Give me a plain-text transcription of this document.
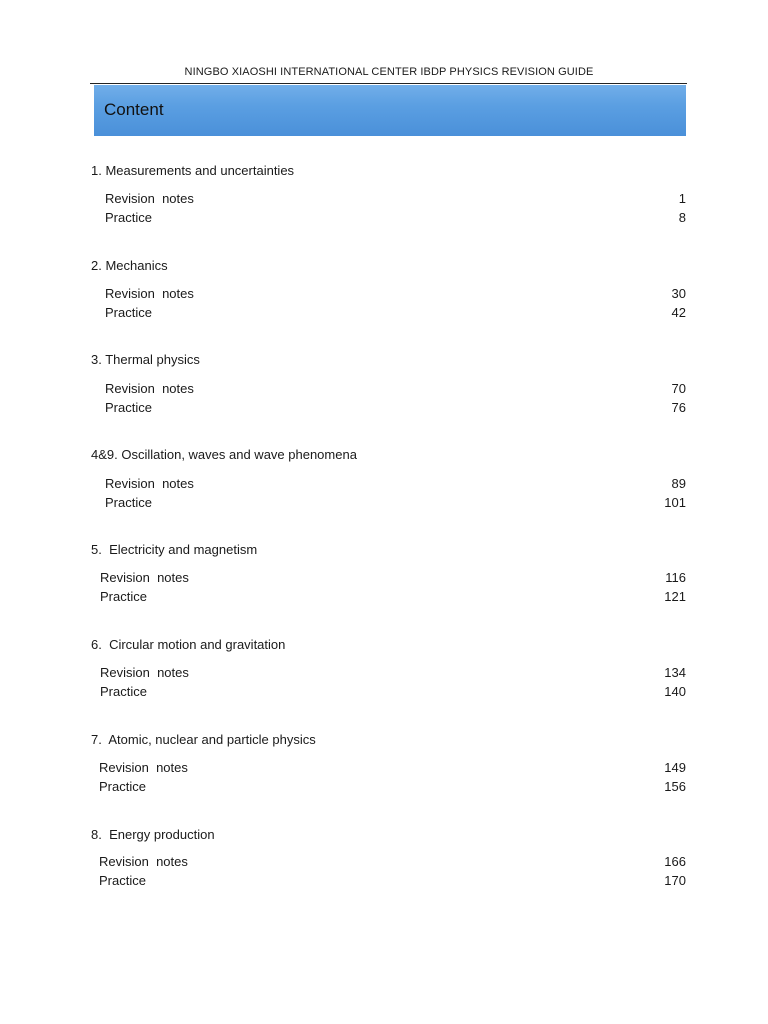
NINGBO XIAOSHI INTERNATIONAL CENTER IBDP PHYSICS REVISION GUIDE
Content
1. Measurements and uncertainties
Revision  notes	1
Practice	8
2. Mechanics
Revision  notes	30
Practice	42
3. Thermal physics
Revision  notes	70
Practice	76
4&9. Oscillation, waves and wave phenomena
Revision  notes	89
Practice	101
5.  Electricity and magnetism
Revision  notes	116
Practice	121
6.  Circular motion and gravitation
Revision  notes	134
Practice	140
7.  Atomic, nuclear and particle physics
Revision  notes	149
Practice	156
8.  Energy production
Revision  notes	166
Practice	170
